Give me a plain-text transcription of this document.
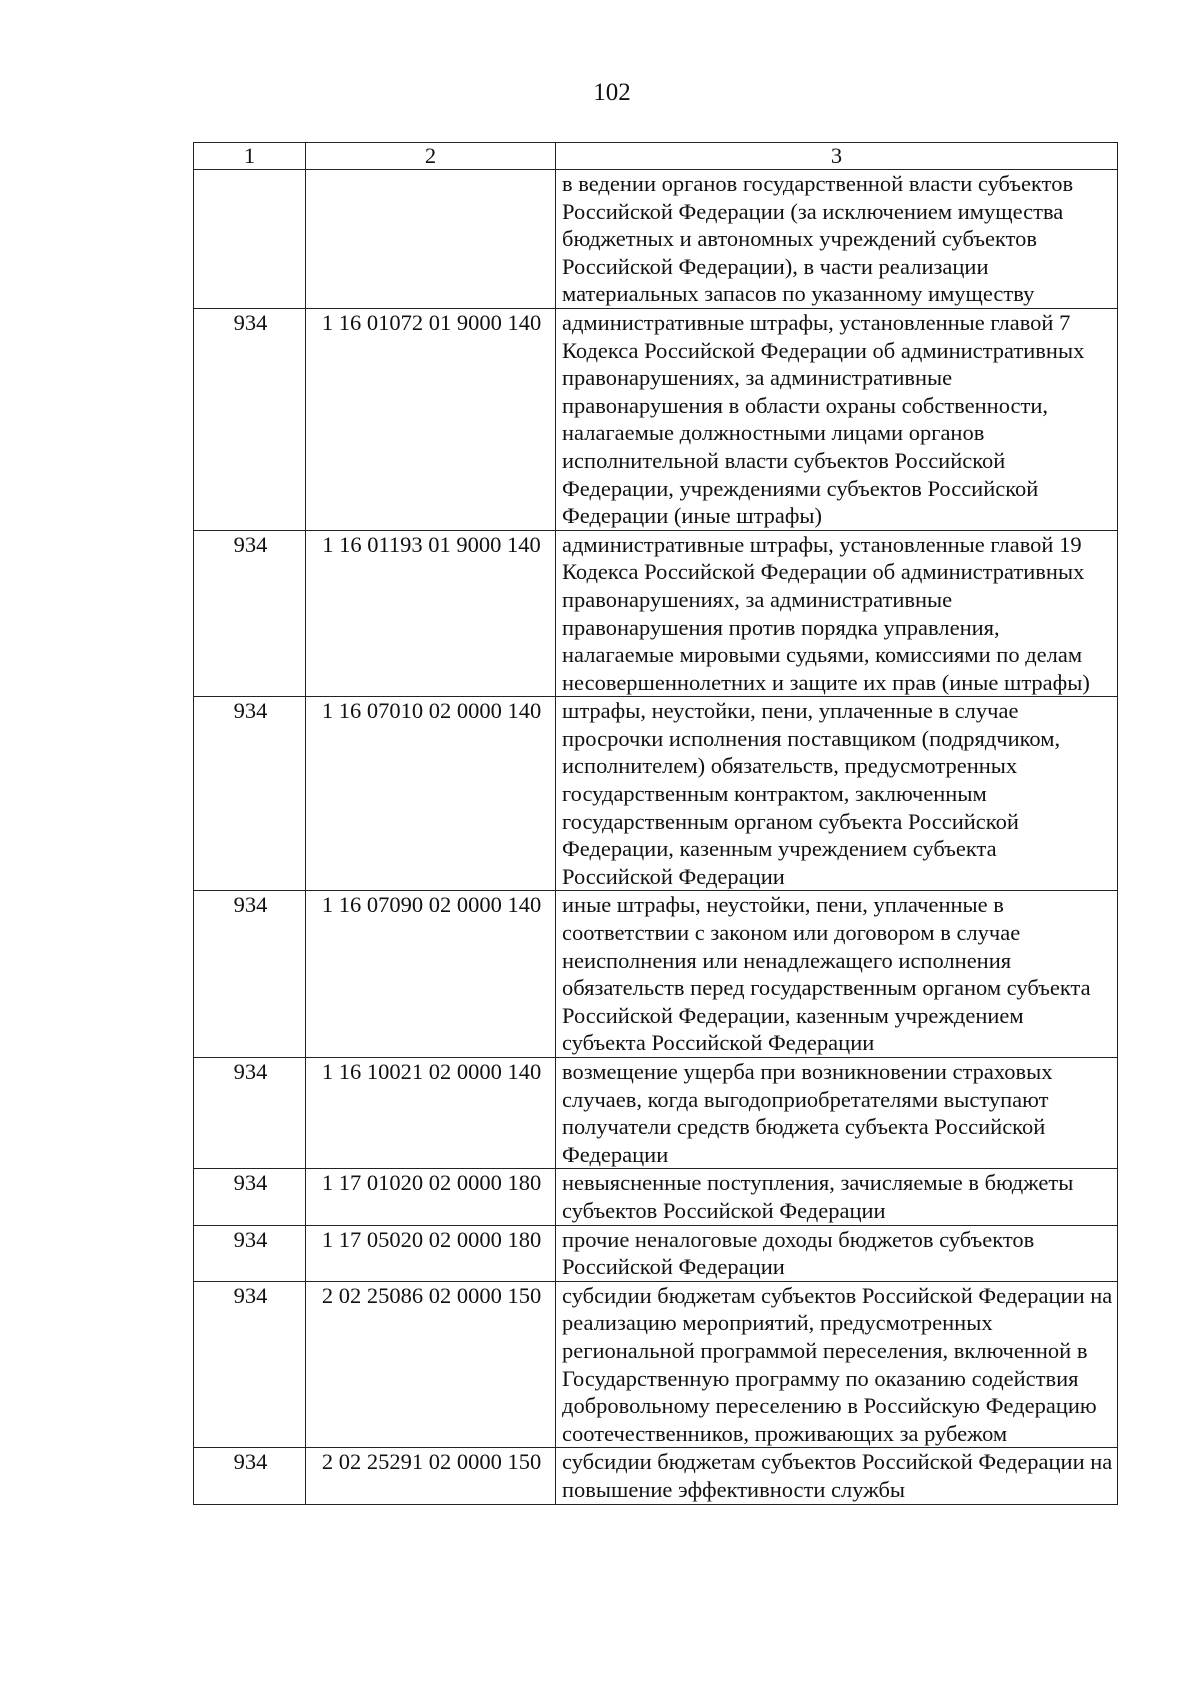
102
1	2	3
		в ведении органов государственной власти субъектов Российской Федерации (за исключением имущества бюджетных и автономных учреждений субъектов Российской Федерации), в части реализации материальных запасов по указанному имуществу
934	1 16 01072 01 9000 140	административные штрафы, установленные главой 7 Кодекса Российской Федерации об административных правонарушениях, за административные правонарушения в области охраны собственности, налагаемые должностными лицами органов исполнительной власти субъектов Российской Федерации, учреждениями субъектов Российской Федерации (иные штрафы)
934	1 16 01193 01 9000 140	административные штрафы, установленные главой 19 Кодекса Российской Федерации об административных правонарушениях, за административные правонарушения против порядка управления, налагаемые мировыми судьями, комиссиями по делам несовершеннолетних и защите их прав (иные штрафы)
934	1 16 07010 02 0000 140	штрафы, неустойки, пени, уплаченные в случае просрочки исполнения поставщиком (подрядчиком, исполнителем) обязательств, предусмотренных государственным контрактом, заключенным государственным органом субъекта Российской Федерации, казенным учреждением субъекта Российской Федерации
934	1 16 07090 02 0000 140	иные штрафы, неустойки, пени, уплаченные в соответствии с законом или договором в случае неисполнения или ненадлежащего исполнения обязательств перед государственным органом субъекта Российской Федерации, казенным учреждением субъекта Российской Федерации
934	1 16 10021 02 0000 140	возмещение ущерба при возникновении страховых случаев, когда выгодоприобретателями выступают получатели средств бюджета субъекта Российской Федерации
934	1 17 01020 02 0000 180	невыясненные поступления, зачисляемые в бюджеты субъектов Российской Федерации
934	1 17 05020 02 0000 180	прочие неналоговые доходы бюджетов субъектов Российской Федерации
934	2 02 25086 02 0000 150	субсидии бюджетам субъектов Российской Федерации на реализацию мероприятий, предусмотренных региональной программой переселения, включенной в Государственную программу по оказанию содействия добровольному переселению в Российскую Федерацию соотечественников, проживающих за рубежом
934	2 02 25291 02 0000 150	субсидии бюджетам субъектов Российской Федерации на повышение эффективности службы
